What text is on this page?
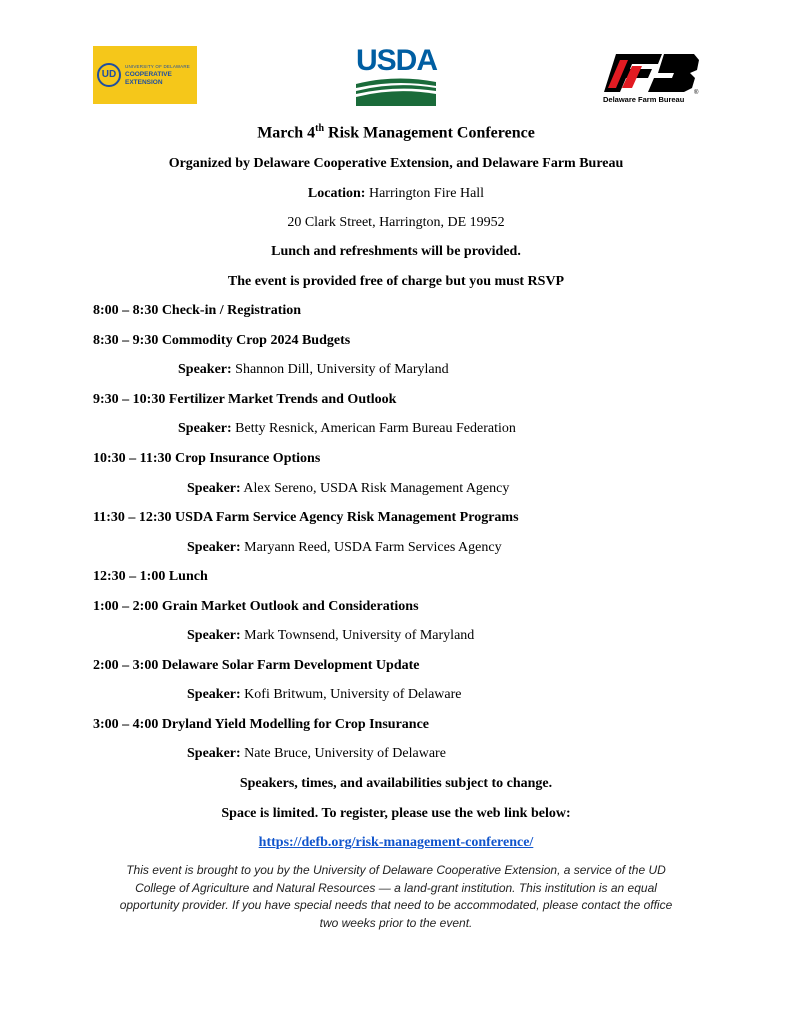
UD
UNIVERSITY OF DELAWARE
COOPERATIVE
EXTENSION
USDA
Delaware Farm Bureau
®
March 4th Risk Management Conference
Organized by Delaware Cooperative Extension, and Delaware Farm Bureau
Location: Harrington Fire Hall
20 Clark Street, Harrington, DE 19952
Lunch and refreshments will be provided.
The event is provided free of charge but you must RSVP
8:00 – 8:30 Check-in / Registration
8:30 – 9:30 Commodity Crop 2024 Budgets
Speaker: Shannon Dill, University of Maryland
9:30 – 10:30 Fertilizer Market Trends and Outlook
Speaker: Betty Resnick, American Farm Bureau Federation
10:30 – 11:30 Crop Insurance Options
Speaker: Alex Sereno, USDA Risk Management Agency
11:30 – 12:30 USDA Farm Service Agency Risk Management Programs
Speaker: Maryann Reed, USDA Farm Services Agency
12:30 – 1:00 Lunch
1:00 – 2:00 Grain Market Outlook and Considerations
Speaker: Mark Townsend, University of Maryland
2:00 – 3:00 Delaware Solar Farm Development Update
Speaker: Kofi Britwum, University of Delaware
3:00 – 4:00 Dryland Yield Modelling for Crop Insurance
Speaker: Nate Bruce, University of Delaware
Speakers, times, and availabilities subject to change.
Space is limited. To register, please use the web link below:
https://defb.org/risk-management-conference/
This event is brought to you by the University of Delaware Cooperative Extension, a service of the UD
College of Agriculture and Natural Resources — a land-grant institution. This institution is an equal
opportunity provider. If you have special needs that need to be accommodated, please contact the office
two weeks prior to the event.
